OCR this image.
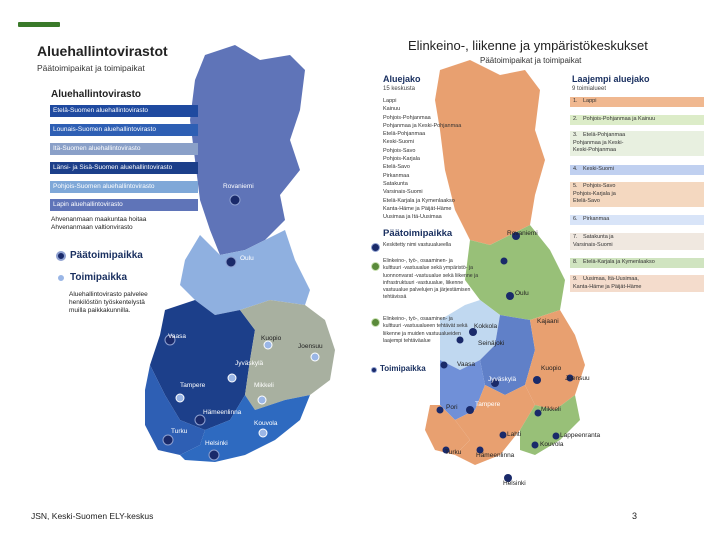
Aluehallintovirastot
Päätoimipaikat ja toimipaikat
Aluehallintovirasto
Etelä-Suomen aluehallintovirasto
Lounais-Suomen aluehallintovirasto
Itä-Suomen aluehallintovirasto
Länsi- ja Sisä-Suomen aluehallintovirasto
Pohjois-Suomen aluehallintovirasto
Lapin aluehallintovirasto
Ahvenanmaan maakuntaa hoitaa
Ahvenanmaan valtionvirasto
Päätoimipaikka
Toimipaikka
Aluehallintovirasto palvelee
henkilöstön työskentelystä
muilla paikkakunnilla.
Rovaniemi
Oulu
Vaasa	Kuopio
Joensuu
Jyväskylä
Tampere	Mikkeli
Hämeenlinna
Turku
Kouvola
Helsinki
Elinkeino-, liikenne ja ympäristökeskukset
Päätoimipaikat ja toimipaikat
Aluejako
15 keskusta
Lappi
Kainuu
Pohjois-Pohjanmaa
Pohjanmaa ja Keski-Pohjanmaa
Etelä-Pohjanmaa
Keski-Suomi
Pohjois-Savo
Pohjois-Karjala
Etelä-Savo
Pirkanmaa
Satakunta
Varsinais-Suomi
Etelä-Karjala ja Kymenlaakso
Kanta-Häme ja Päijät-Häme
Uusimaa ja Itä-Uusimaa
Laajempi aluejako
9 toimialueet
1. Lappi
2. Pohjois-Pohjanmaa ja Kainuu
3. Etelä-Pohjanmaa
Pohjanmaa ja Keski-
Keski-Pohjanmaa
4. Keski-Suomi
5. Pohjois-Savo
Pohjois-Karjala ja
Etelä-Savo
6. Pirkanmaa
7. Satakunta ja
Varsinais-Suomi
8. Etelä-Karjala ja Kymenlaakso
9. Uusimaa, Itä-Uusimaa,
Kanta-Häme ja Päijät-Häme
Päätoimipaikka
Keskitetty nimi vastuualueella
Elinkeino-, työ-, osaaminen- ja
kulttuuri -vastuualue sekä ympäristö- ja
luonnonvarat -vastuualue sekä liikenne ja
infrastruktuuri -vastuualue, liikenne
vastuualue palvelujen ja järjestämisen
tehtävissä
Elinkeino-, työ-, osaaminen- ja
kulttuuri -vastuualueen tehtävät sekä
liikenne ja muiden vastuualueiden
laajempi tehtäväalue
Toimipaikka
Rovaniemi
Kajaani
Oulu
Kokkola
Vaasa
Seinäjoki
Kuopio
Joensuu
Jyväskylä
Mikkeli
Tampere
Pori
Lahti	Lappeenranta
Kouvola
Hämeenlinna
Turku
Helsinki
JSN, Keski-Suomen ELY-keskus	3
